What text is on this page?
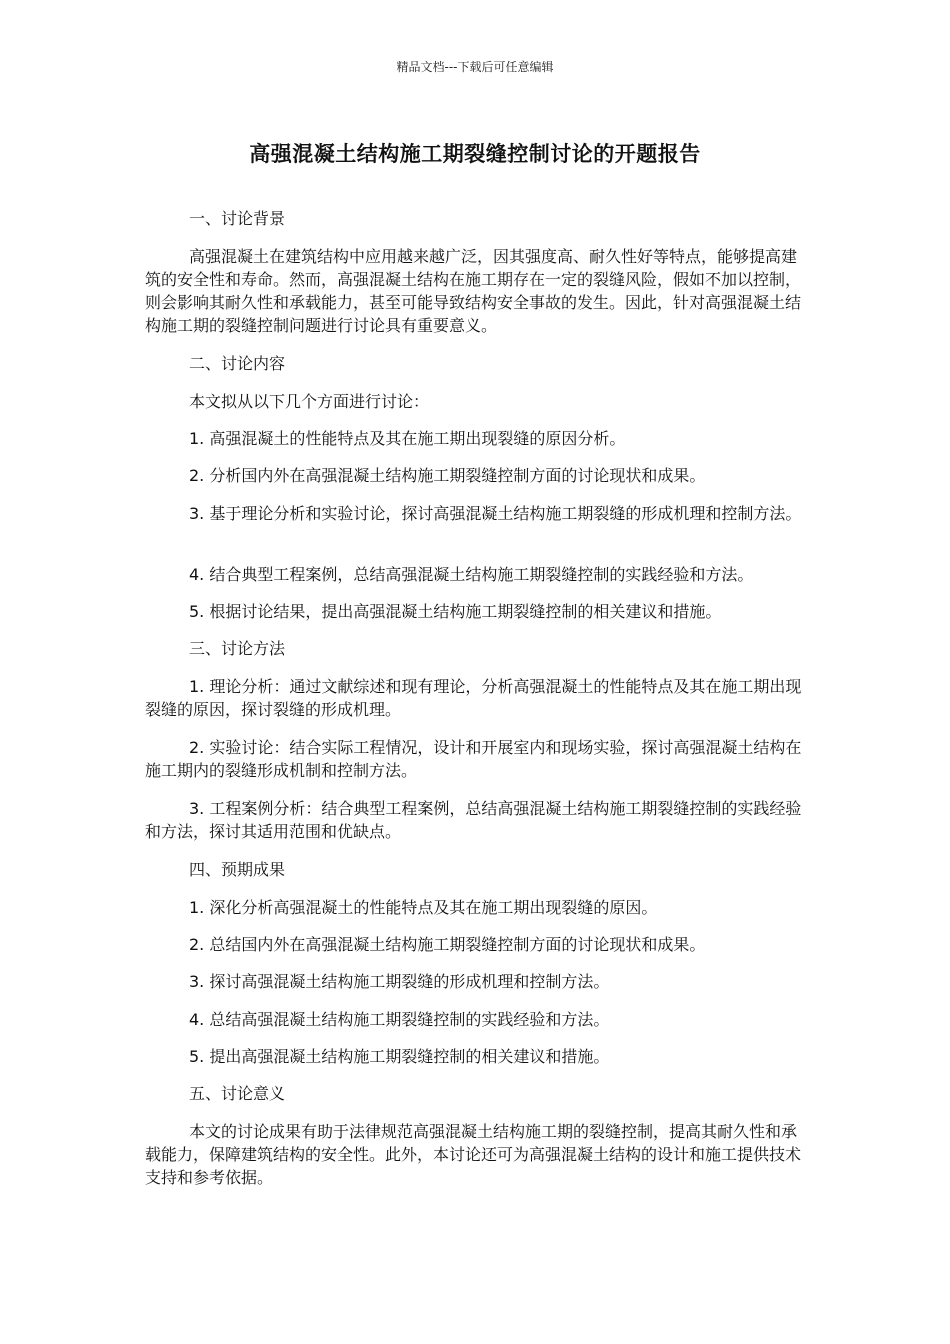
精品文档---下载后可任意编辑
高强混凝土结构施工期裂缝控制讨论的开题报告

一、讨论背景

高强混凝土在建筑结构中应用越来越广泛，因其强度高、耐久性好等特点，能够提高建筑的安全性和寿命。然而，高强混凝土结构在施工期存在一定的裂缝风险，假如不加以控制，则会影响其耐久性和承载能力，甚至可能导致结构安全事故的发生。因此，针对高强混凝土结构施工期的裂缝控制问题进行讨论具有重要意义。

二、讨论内容

本文拟从以下几个方面进行讨论：

1. 高强混凝土的性能特点及其在施工期出现裂缝的原因分析。

2. 分析国内外在高强混凝土结构施工期裂缝控制方面的讨论现状和成果。

3. 基于理论分析和实验讨论，探讨高强混凝土结构施工期裂缝的形成机理和控制方法。

4. 结合典型工程案例，总结高强混凝土结构施工期裂缝控制的实践经验和方法。

5. 根据讨论结果，提出高强混凝土结构施工期裂缝控制的相关建议和措施。

三、讨论方法

1. 理论分析：通过文献综述和现有理论，分析高强混凝土的性能特点及其在施工期出现裂缝的原因，探讨裂缝的形成机理。

2. 实验讨论：结合实际工程情况，设计和开展室内和现场实验，探讨高强混凝土结构在施工期内的裂缝形成机制和控制方法。

3. 工程案例分析：结合典型工程案例，总结高强混凝土结构施工期裂缝控制的实践经验和方法，探讨其适用范围和优缺点。

四、预期成果

1. 深化分析高强混凝土的性能特点及其在施工期出现裂缝的原因。

2. 总结国内外在高强混凝土结构施工期裂缝控制方面的讨论现状和成果。

3. 探讨高强混凝土结构施工期裂缝的形成机理和控制方法。

4. 总结高强混凝土结构施工期裂缝控制的实践经验和方法。

5. 提出高强混凝土结构施工期裂缝控制的相关建议和措施。

五、讨论意义

本文的讨论成果有助于法律规范高强混凝土结构施工期的裂缝控制，提高其耐久性和承载能力，保障建筑结构的安全性。此外，本讨论还可为高强混凝土结构的设计和施工提供技术支持和参考依据。
